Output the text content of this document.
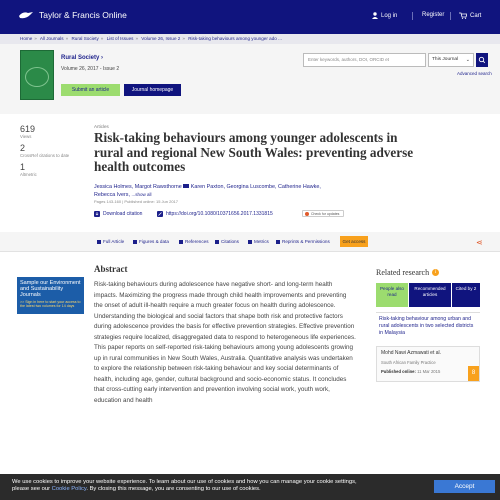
Taylor & Francis Online	Log in	Register	Cart
Home » All Journals » Rural Society » List of Issues » Volume 26, Issue 2 » Risk-taking behaviours among younger ado ...
Rural Society ›
Volume 26, 2017 - Issue 2
Submit an article	Journal homepage
Enter keywords, authors, DOI, ORCID et	This Journal ⌄
Advanced search
619
Views
2
CrossRef citations to date
1
Altmetric
Articles
Risk-taking behaviours among younger adolescents in rural and regional New South Wales: preventing adverse health outcomes
Jessica Holmes, Margot Rawsthorne Karen Paxton, Georgina Luscombe, Catherine Hawke,
Rebecca Ivers, ...show all
Pages 143-160 | Published online: 15 Jun 2017
Download citation	https://doi.org/10.1080/10371656.2017.1331815	Check for updates
Full Article	Figures & data	References	Citations	Metrics	Reprints & Permissions	Get access	⋖
Sample our Environment and Sustainability Journals
>> Sign in here to start your access to the latest two volumes for 14 days
Abstract
Risk-taking behaviours during adolescence have negative short- and long-term health impacts. Maximizing the progress made through child health improvements and preventing the onset of adult ill-health require a much greater focus on health during adolescence. Understanding the biological and social factors that shape both risk and protective factors during adolescence provides the basis for effective prevention strategies. Effective prevention strategies require localized, disaggregated data to respond to heterogeneous life experiences. This paper reports on self-reported risk-taking behaviours among young adolescents growing up in rural communities in New South Wales, Australia. Quantitative analysis was undertaken to explore the relationship between risk-taking behaviour and key social determinants of health, including age, gender, cultural background and socio-economic status. It concludes that cross-cutting early intervention and prevention involving social work, youth work, education and health
Related research	i
People also read
Recommended articles
Cited by 2
Risk-taking behaviour among urban and rural adolescents in two selected districts in Malaysia
Mohd Nawi Azmawati et al.
South African Family Practice
Published online: 11 Mar 2015	8
We use cookies to improve your website experience. To learn about our use of cookies and how you can manage your cookie settings,
please see our Cookie Policy. By closing this message, you are consenting to our use of cookies.	Accept
